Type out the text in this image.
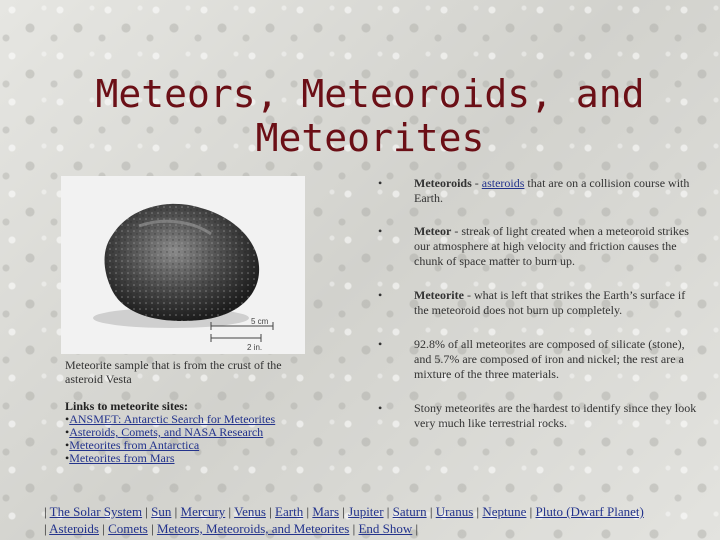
Meteors, Meteoroids, and Meteorites
5 cm
2 in.
Meteorite sample that is from the crust of the asteroid Vesta
Links to meteorite sites:
•ANSMET: Antarctic Search for Meteorites
•Asteroids, Comets, and NASA Research
•Meteorites from Antarctica
•Meteorites from Mars
•	Meteoroids - asteroids that are on a collision course with Earth.
•	Meteor - streak of light created when a meteoroid strikes our atmosphere at high velocity and friction causes the chunk of space matter to burn up.
•	Meteorite - what is left that strikes the Earth’s surface if the meteoroid does not burn up completely.
•	92.8% of all meteorites are composed of silicate (stone), and 5.7% are composed of iron and nickel; the rest are a mixture of the three materials.
•	Stony meteorites are the hardest to identify since they look very much like terrestrial rocks.
| The Solar System | Sun | Mercury | Venus | Earth | Mars | Jupiter | Saturn | Uranus | Neptune | Pluto (Dwarf Planet)
| Asteroids | Comets | Meteors, Meteoroids, and Meteorites | End Show |
